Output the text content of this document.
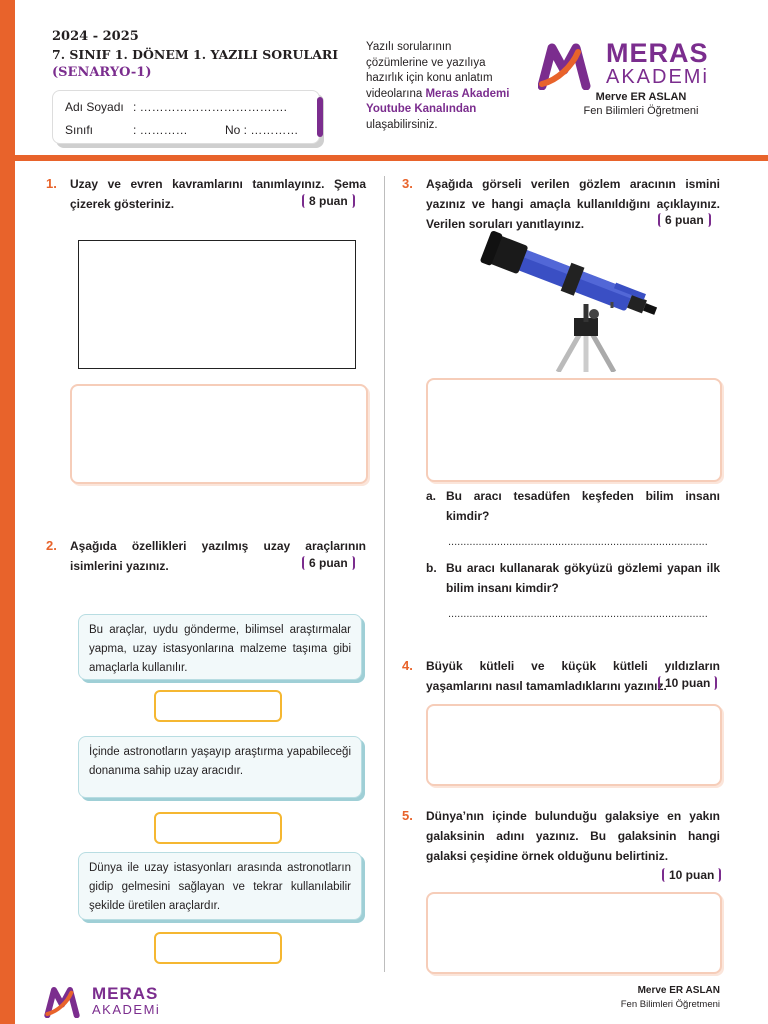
2024 - 2025
7. SINIF 1. DÖNEM 1. YAZILI SORULARI
(SENARYO-1)
Adı Soyadı : ……………………………….
Sınıfı	: …………	No : …………
Yazılı sorularının çözümlerine ve yazılıya hazırlık için konu anlatım videolarına Meras Akademi Youtube Kanalından ulaşabilirsiniz.
MERAS
AKADEMi
Merve ER ASLAN
Fen Bilimleri Öğretmeni
1. Uzay ve evren kavramlarını tanımlayınız. Şema çizerek gösteriniz.	8 puan
2. Aşağıda özellikleri yazılmış uzay araçlarının isimlerini yazınız.	6 puan
Bu araçlar, uydu gönderme, bilimsel araştırmalar yapma, uzay istasyonlarına malzeme taşıma gibi amaçlarla kullanılır.
İçinde astronotların yaşayıp araştırma yapabileceği donanıma sahip uzay aracıdır.
Dünya ile uzay istasyonları arasında astronotların gidip gelmesini sağlayan ve tekrar kullanılabilir şekilde üretilen araçlardır.
3. Aşağıda görseli verilen gözlem aracının ismini yazınız ve hangi amaçla kullanıldığını açıklayınız. Verilen soruları yanıtlayınız.	6 puan
a. Bu aracı tesadüfen keşfeden bilim insanı kimdir?
.....................................................................................
b. Bu aracı kullanarak gökyüzü gözlemi yapan ilk bilim insanı kimdir?
.....................................................................................
4. Büyük kütleli ve küçük kütleli yıldızların yaşamlarını nasıl tamamladıklarını yazınız.
10 puan
5. Dünya’nın içinde bulunduğu galaksiye en yakın galaksinin adını yazınız. Bu galaksinin hangi galaksi çeşidine örnek olduğunu belirtiniz.
10 puan
MERAS
AKADEMi
Merve ER ASLAN
Fen Bilimleri Öğretmeni
